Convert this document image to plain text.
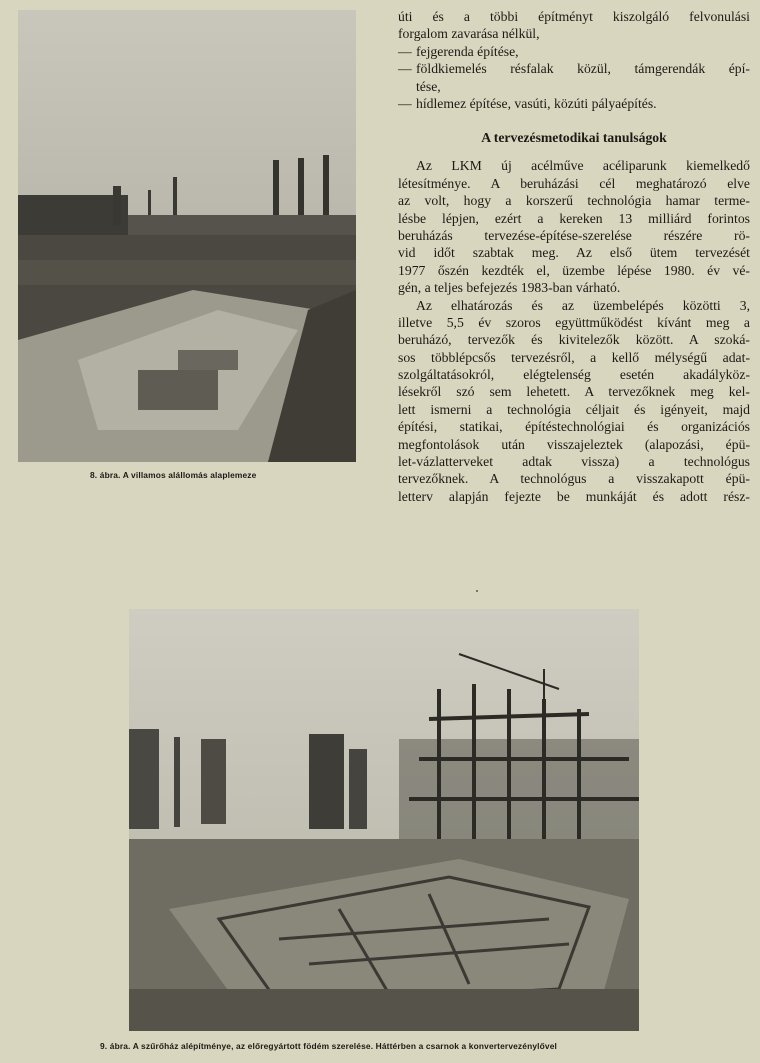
8. ábra. A villamos alállomás alaplemeze
úti és a többi építményt kiszolgáló felvonulási
forgalom zavarása nélkül,
— fejgerenda építése,
— földkiemelés résfalak közül, támgerendák épí-
tése,
— hídlemez építése, vasúti, közúti pályaépítés.
A tervezésmetodikai tanulságok
Az LKM új acélműve acéliparunk kiemelkedő
létesítménye. A beruházási cél meghatározó elve
az volt, hogy a korszerű technológia hamar terme-
lésbe lépjen, ezért a kereken 13 milliárd forintos
beruházás tervezése-építése-szerelése részére rö-
vid időt szabtak meg. Az első ütem tervezését
1977 őszén kezdték el, üzembe lépése 1980. év vé-
gén, a teljes befejezés 1983-ban várható.
Az elhatározás és az üzembelépés közötti 3,
illetve 5,5 év szoros együttműködést kívánt meg a
beruházó, tervezők és kivitelezők között. A szoká-
sos többlépcsős tervezésről, a kellő mélységű adat-
szolgáltatásokról, elégtelenség esetén akadályköz-
lésekről szó sem lehetett. A tervezőknek meg kel-
lett ismerni a technológia céljait és igényeit, majd
építési, statikai, építéstechnológiai és organizációs
megfontolások után visszajeleztek (alapozási, épü-
let-vázlatterveket adtak vissza) a technológus
tervezőknek. A technológus a visszakapott épü-
letterv alapján fejezte be munkáját és adott rész-
9. ábra. A szűrőház alépítménye, az előregyártott födém szerelése. Háttérben a csarnok a konvertervezénylővel
